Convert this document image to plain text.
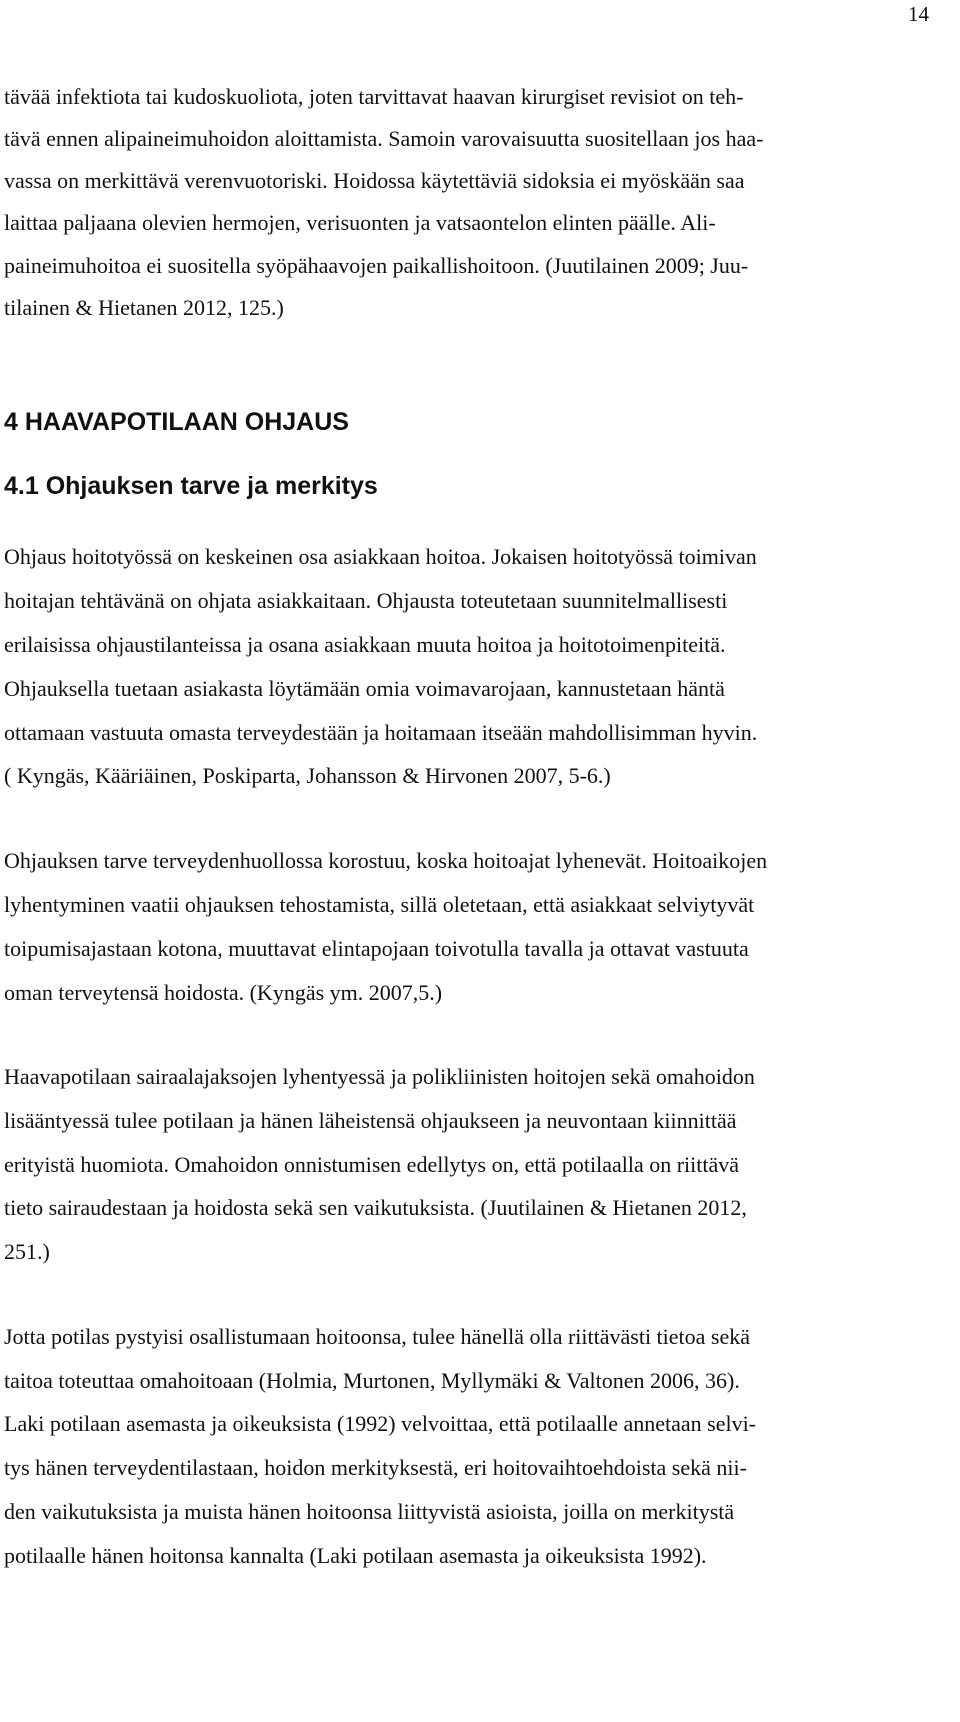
14
tävää infektiota tai kudoskuoliota, joten tarvittavat haavan kirurgiset revisiot on teh-
tävä ennen alipaineimuhoidon aloittamista. Samoin varovaisuutta suositellaan jos haa-
vassa on merkittävä verenvuotoriski. Hoidossa käytettäviä sidoksia ei myöskään saa
laittaa paljaana olevien hermojen, verisuonten ja vatsaontelon elinten päälle. Ali-
paineimuhoitoa ei suositella syöpähaavojen paikallishoitoon. (Juutilainen 2009; Juu-
tilainen & Hietanen 2012, 125.)
4 HAAVAPOTILAAN OHJAUS
4.1 Ohjauksen tarve ja merkitys
Ohjaus hoitotyössä on keskeinen osa asiakkaan hoitoa. Jokaisen hoitotyössä toimivan
hoitajan tehtävänä on ohjata asiakkaitaan. Ohjausta toteutetaan suunnitelmallisesti
erilaisissa ohjaustilanteissa ja osana asiakkaan muuta hoitoa ja hoitotoimenpiteitä.
Ohjauksella tuetaan asiakasta löytämään omia voimavarojaan, kannustetaan häntä
ottamaan vastuuta omasta terveydestään ja hoitamaan itseään mahdollisimman hyvin.
( Kyngäs, Kääriäinen, Poskiparta, Johansson & Hirvonen 2007, 5-6.)
Ohjauksen tarve terveydenhuollossa korostuu, koska hoitoajat lyhenevät. Hoitoaikojen
lyhentyminen vaatii ohjauksen tehostamista, sillä oletetaan, että asiakkaat selviytyvät
toipumisajastaan kotona, muuttavat elintapojaan toivotulla tavalla ja ottavat vastuuta
oman terveytensä hoidosta. (Kyngäs ym. 2007,5.)
Haavapotilaan sairaalajaksojen lyhentyessä ja polikliinisten hoitojen sekä omahoidon
lisääntyessä tulee potilaan ja hänen läheistensä ohjaukseen ja neuvontaan kiinnittää
erityistä huomiota. Omahoidon onnistumisen edellytys on, että potilaalla on riittävä
tieto sairaudestaan ja hoidosta sekä sen vaikutuksista. (Juutilainen & Hietanen 2012,
251.)
Jotta potilas pystyisi osallistumaan hoitoonsa, tulee hänellä olla riittävästi tietoa sekä
taitoa toteuttaa omahoitoaan (Holmia, Murtonen, Myllymäki & Valtonen 2006, 36).
Laki potilaan asemasta ja oikeuksista (1992) velvoittaa, että potilaalle annetaan selvi-
tys hänen terveydentilastaan, hoidon merkityksestä, eri hoitovaihtoehdoista sekä nii-
den vaikutuksista ja muista hänen hoitoonsa liittyvistä asioista, joilla on merkitystä
potilaalle hänen hoitonsa kannalta (Laki potilaan asemasta ja oikeuksista 1992).
